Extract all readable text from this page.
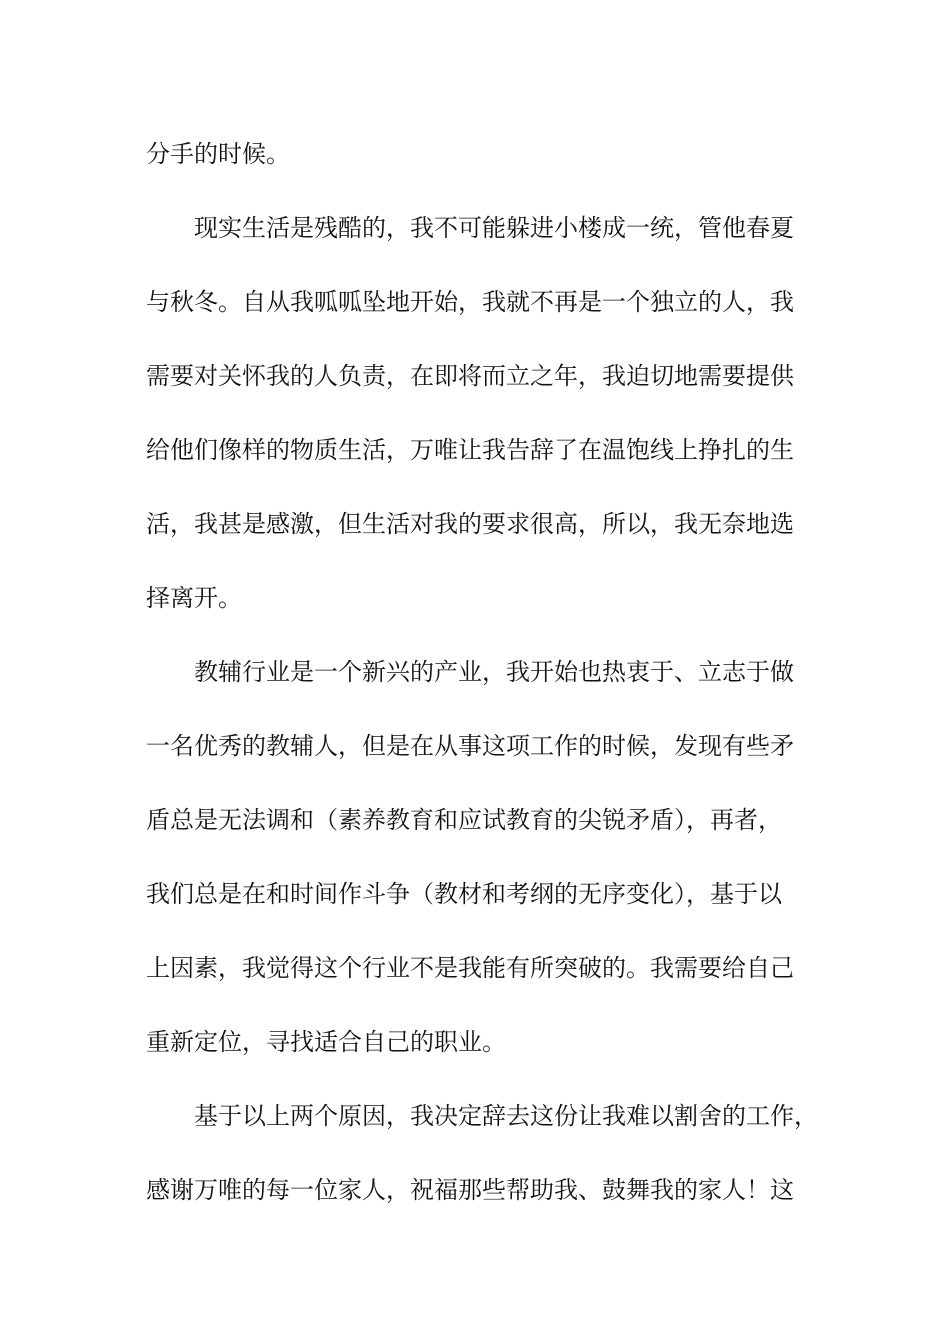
分手的时候。
现实生活是残酷的，我不可能躲进小楼成一统，管他春夏
与秋冬。自从我呱呱坠地开始，我就不再是一个独立的人，我
需要对关怀我的人负责，在即将而立之年，我迫切地需要提供
给他们像样的物质生活，万唯让我告辞了在温饱线上挣扎的生
活，我甚是感激，但生活对我的要求很高，所以，我无奈地选
择离开。
教辅行业是一个新兴的产业，我开始也热衷于、立志于做
一名优秀的教辅人，但是在从事这项工作的时候，发现有些矛
盾总是无法调和（素养教育和应试教育的尖锐矛盾），再者，
我们总是在和时间作斗争（教材和考纲的无序变化），基于以
上因素，我觉得这个行业不是我能有所突破的。我需要给自己
重新定位，寻找适合自己的职业。
基于以上两个原因，我决定辞去这份让我难以割舍的工作，
感谢万唯的每一位家人，祝福那些帮助我、鼓舞我的家人！这
